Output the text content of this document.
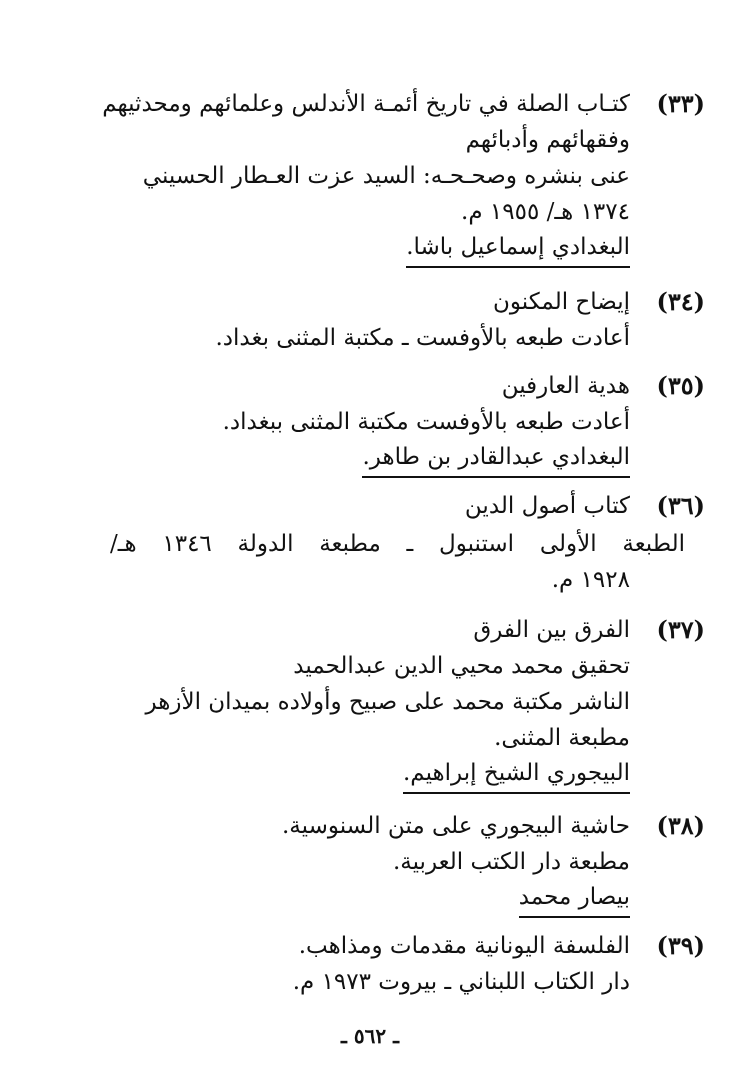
(٣٣)
كتـاب الصلة في تاريخ أئمـة الأندلس وعلمائهم ومحدثيهم
وفقهائهم وأدبائهم
عنى بنشره وصحـحـه: السيد عزت العـطار الحسيني
١٣٧٤ هـ/ ١٩٥٥ م.
البغدادي إسماعيل باشا.
(٣٤)
إيضاح المكنون
أعادت طبعه بالأوفست ـ مكتبة المثنى بغداد.
(٣٥)
هدية العارفين
أعادت طبعه بالأوفست مكتبة المثنى ببغداد.
البغدادي عبدالقادر بن طاهر.
(٣٦)
كتاب أصول الدين
الطبعة الأولى استنبول ـ مطبعة الدولة ١٣٤٦ هـ/
١٩٢٨ م.
(٣٧)
الفرق بين الفرق
تحقيق محمد محيي الدين عبدالحميد
الناشر مكتبة محمد على صبيح وأولاده بميدان الأزهر
مطبعة المثنى.
البيجوري الشيخ إبراهيم.
(٣٨)
حاشية البيجوري على متن السنوسية.
مطبعة دار الكتب العربية.
بيصار محمد
(٣٩)
الفلسفة اليونانية مقدمات ومذاهب.
دار الكتاب اللبناني ـ بيروت ١٩٧٣ م.
ـ ٥٦٢ ـ
